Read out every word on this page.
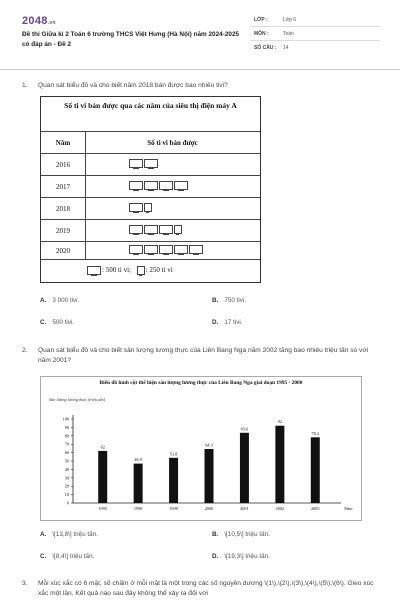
2048.vn
Đề thi Giữa kì 2 Toán 6 trường THCS Việt Hưng (Hà Nội) năm 2024-2025 có đáp án - Đề 2
LỚP :	Lớp 6
MÔN :	Toán
SỐ CÂU : 14
1. Quan sát biểu đồ và cho biết năm 2018 bán được bao nhiêu tivi?
Số ti vi bán được qua các năm của siêu thị điện máy A
Năm	Số ti vi bán được
2016
2017
2018
2019
2020
: 500 ti vi; : 250 ti vi
A. 3 000 tivi.	B. 750 tivi.
C. 500 tivi.	D. 17 tivi.
2. Quan sát biểu đồ và cho biết sản lượng lương thực của Liên Bang Nga năm 2002 tăng bao nhiêu triệu tấn so với năm 2001?
Biểu đồ hình cột thể hiện sản lượng lương thực của Liên Bang Nga giai đoạn 1995 - 2000
Sản lượng lương thực (triệu tấn)
0
10
20
30
40
50
60
70
80
90
100
62
1995
46.9
1998
53.8
1999
64.3
2000
83.6
2001
92
2002
78.2
2005	Năm
A. \[13,8\] triệu tấn.	B. \[10,5\] triệu tấn.
C. \[8,4\] triệu tấn.	D. \[19,3\] triệu tấn.
3. Mỗi xúc xắc có 6 mặt, số chấm ở mỗi mặt là một trong các số nguyên dương \(1\),\(2\),\(3\),\(4\),\(5\),\(6\). Gieo xúc xắc một lần. Kết quả nào sau đây không thể xảy ra đối với
